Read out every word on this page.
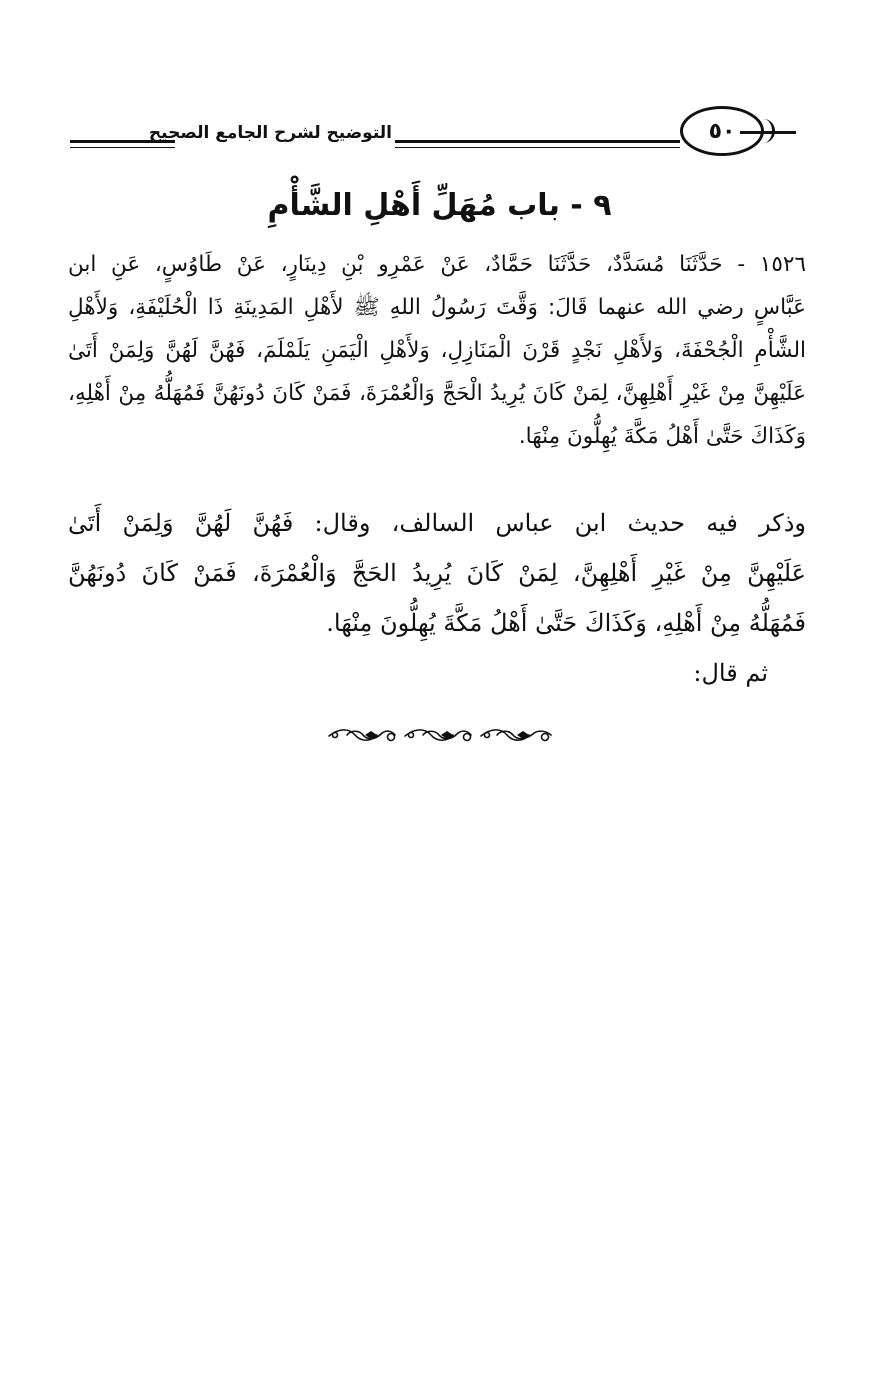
التوضيح لشرح الجامع الصحيح	٥٠
٩ - باب مُهَلِّ أَهْلِ الشَّأْمِ
١٥٢٦ - حَدَّثَنَا مُسَدَّدٌ، حَدَّثَنَا حَمَّادٌ، عَنْ عَمْرِو بْنِ دِينَارٍ، عَنْ طَاوُسٍ، عَنِ ابن
عَبَّاسٍ رضي الله عنهما قَالَ: وَقَّتَ رَسُولُ اللهِ ﷺ لأَهْلِ المَدِينَةِ ذَا الْحُلَيْفَةِ، وَلأَهْلِ
الشَّأْمِ الْجُحْفَةَ، وَلأَهْلِ نَجْدٍ قَرْنَ الْمَنَازِلِ، وَلأَهْلِ الْيَمَنِ يَلَمْلَمَ، فَهُنَّ لَهُنَّ وَلِمَنْ أَتَىٰ
عَلَيْهِنَّ مِنْ غَيْرِ أَهْلِهِنَّ، لِمَنْ كَانَ يُرِيدُ الْحَجَّ وَالْعُمْرَةَ، فَمَنْ كَانَ دُونَهُنَّ فَمُهَلُّهُ مِنْ أَهْلِهِ،
وَكَذَاكَ حَتَّىٰ أَهْلُ مَكَّةَ يُهِلُّونَ مِنْهَا.
وذكر فيه حديث ابن عباس السالف، وقال: فَهُنَّ لَهُنَّ وَلِمَنْ أَتَىٰ
عَلَيْهِنَّ مِنْ غَيْرِ أَهْلِهِنَّ، لِمَنْ كَانَ يُرِيدُ الحَجَّ وَالْعُمْرَةَ، فَمَنْ كَانَ دُونَهُنَّ
فَمُهَلُّهُ مِنْ أَهْلِهِ، وَكَذَاكَ حَتَّىٰ أَهْلُ مَكَّةَ يُهِلُّونَ مِنْهَا.
ثم قال:
